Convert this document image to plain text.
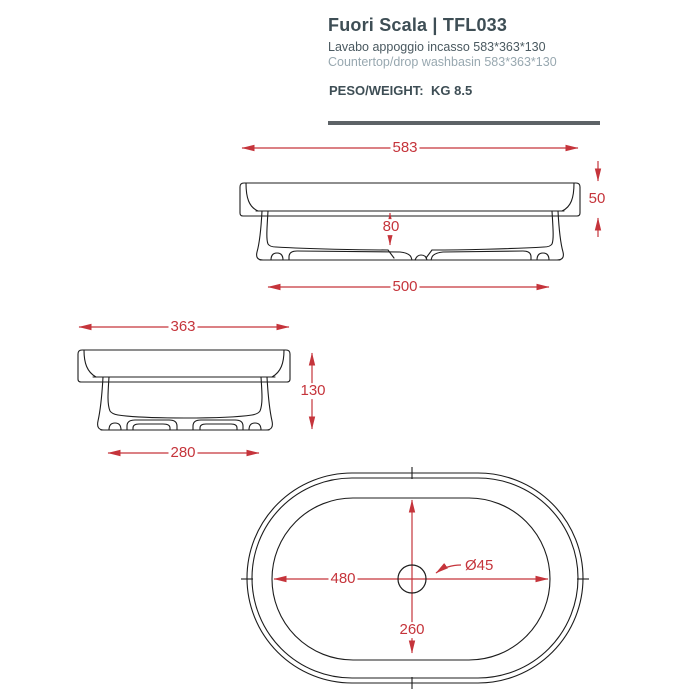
Fuori Scala | TFL033
Lavabo appoggio incasso 583*363*130
Countertop/drop washbasin 583*363*130
PESO/WEIGHT: KG 8.5
583
50
80
500
363
130
280
480
260
Ø45
